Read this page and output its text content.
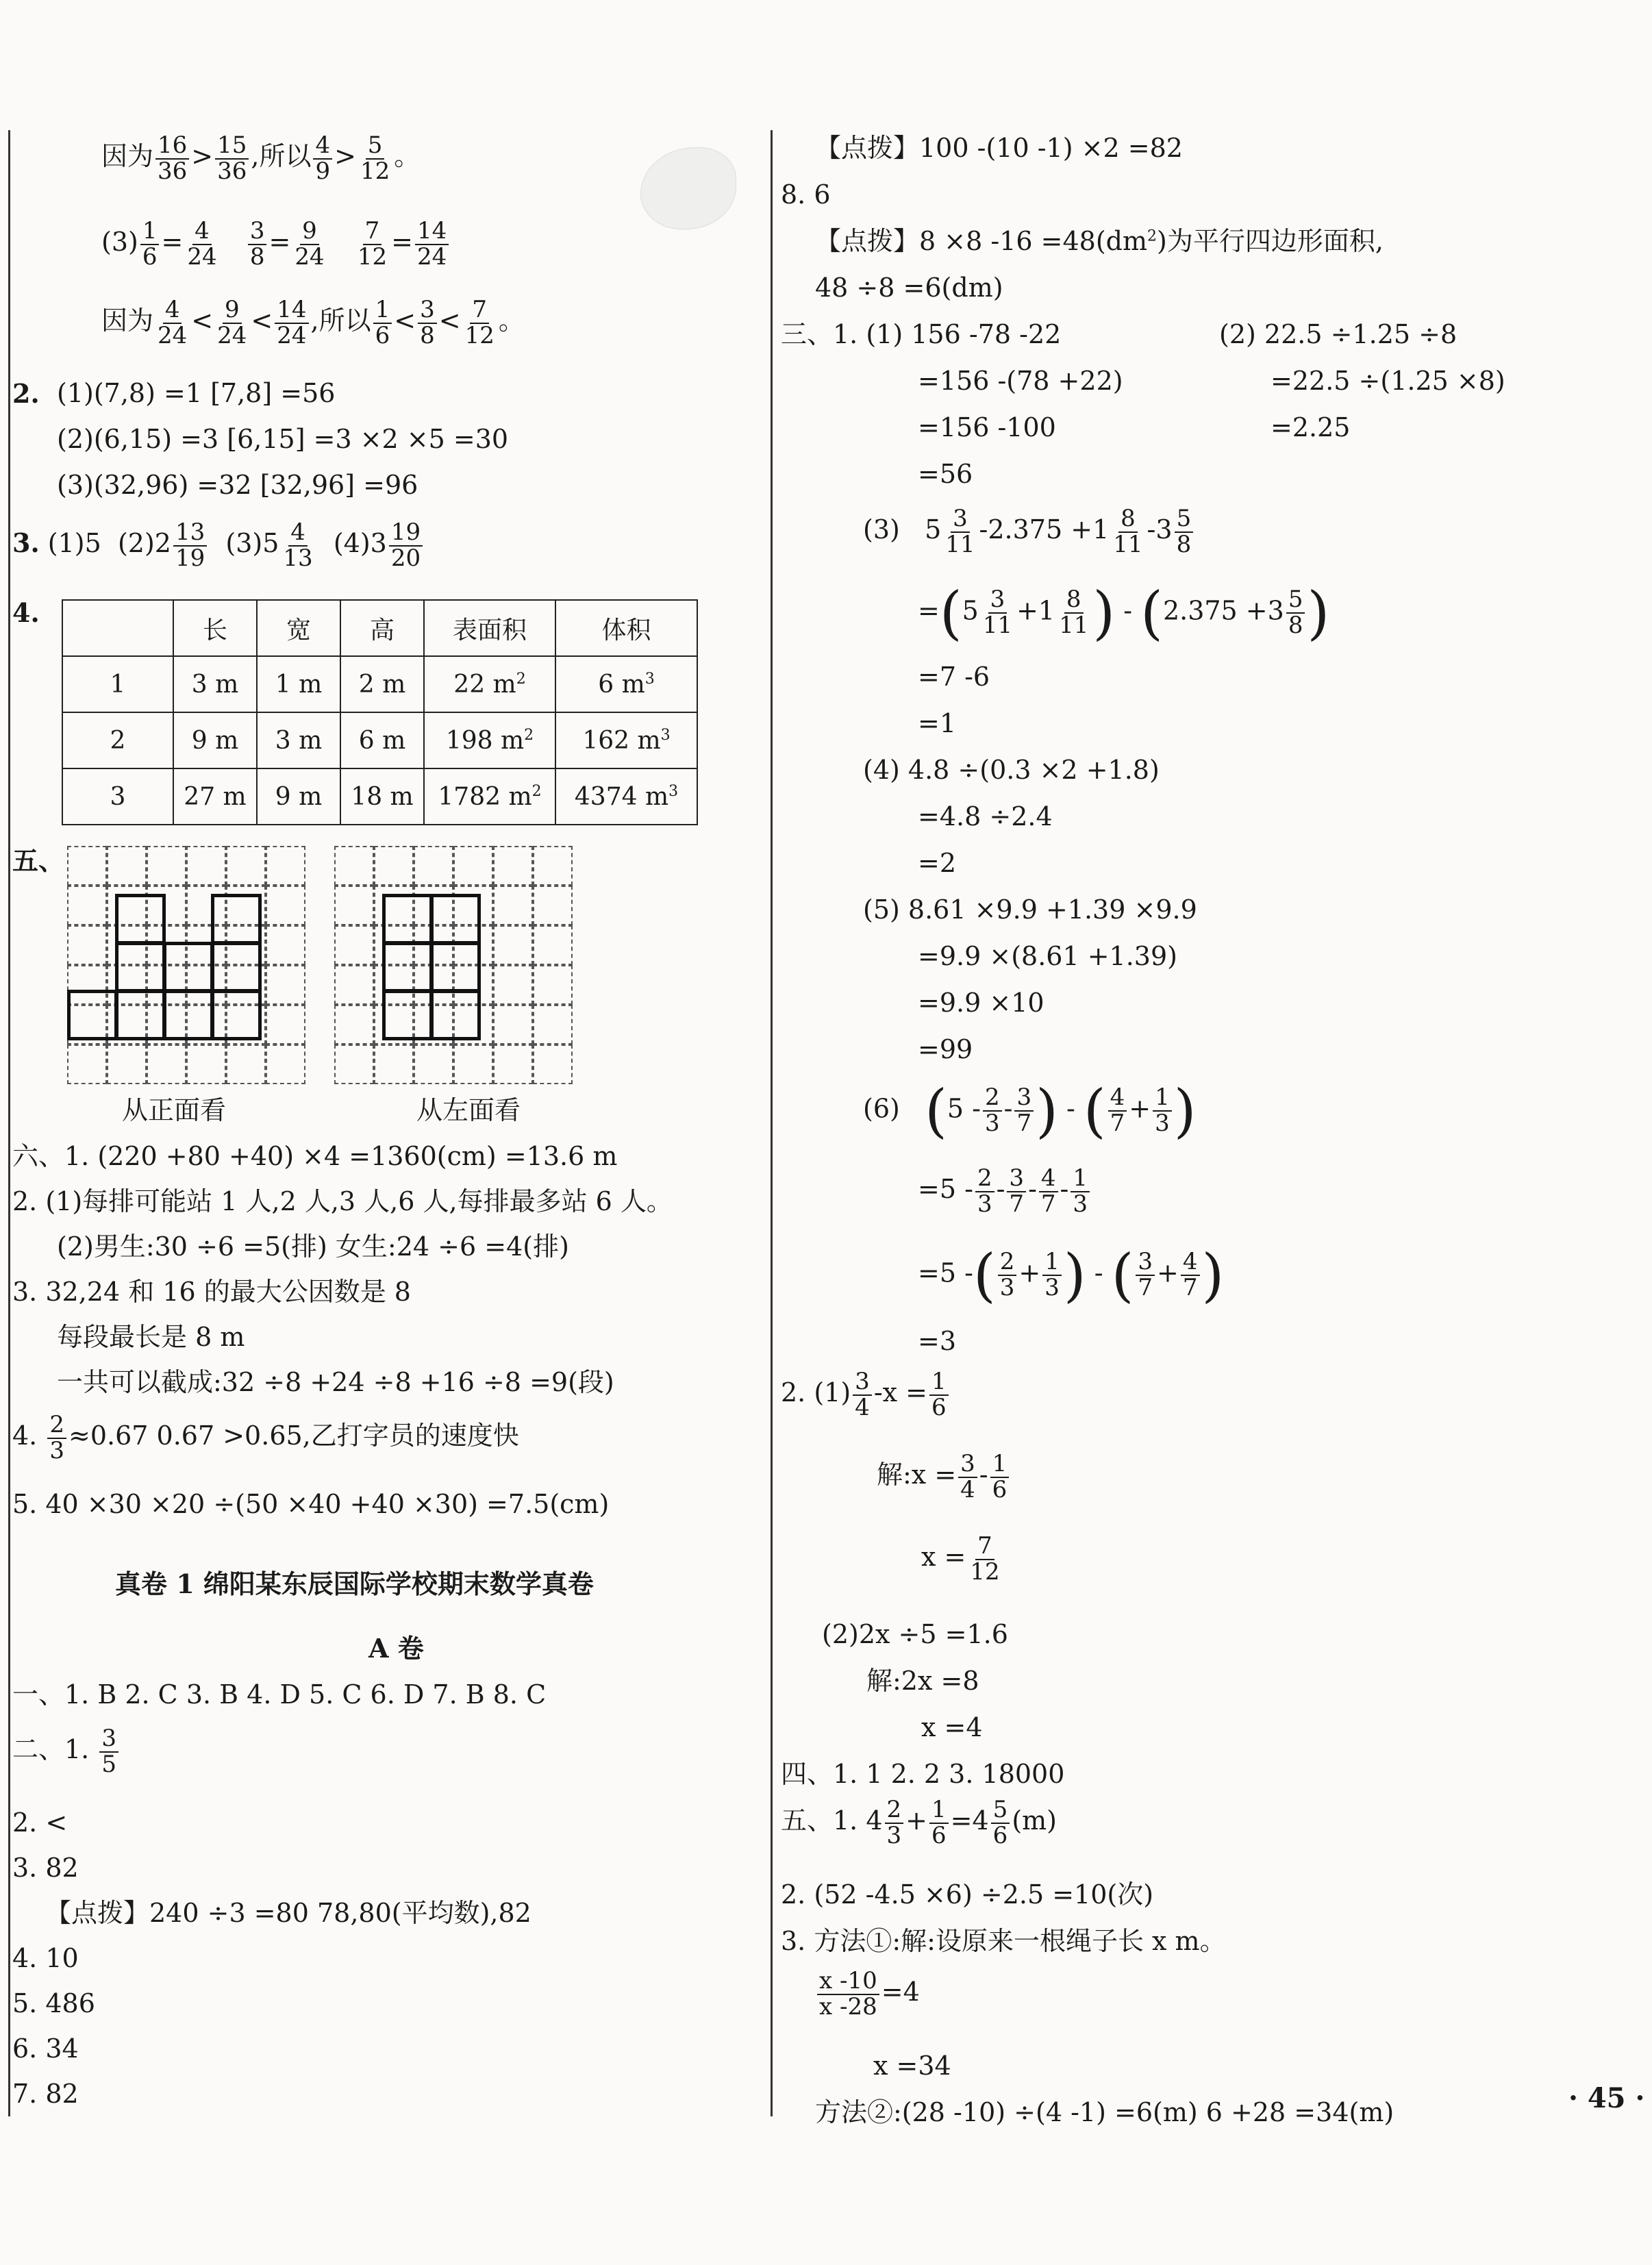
因为 $\frac{16}{36} > \frac{15}{36}$ ,所以 $\frac{4}{9} > \frac{5}{12}$ 。
$(3) \frac{1}{6} = \frac{4}{24}$
$\frac{3}{8} = \frac{9}{24}$
$\frac{7}{12} = \frac{14}{24}$
因为 $\frac{4}{24} < \frac{9}{24} < \frac{14}{24}$ ,所以 $\frac{1}{6} < \frac{3}{8} < \frac{7}{12}$ 。
2. (1)(7,8) =1 [7,8] =56
(2)(6,15) =3 [6,15] =3 ×2 ×5 =30
(3)(32,96) =32 [32,96] =96
3. (1)5 $(2)2 \frac{13}{19} (3)5 \frac{4}{13} (4)3 \frac{19}{20}$
4.
	长	宽	高	表面积	体积
1	3 m	1 m	2 m	22 $m^2$	6 $m^3$
2	9 m	3 m	6 m	198 $m^2$	162 $m^3$
3	27 m	9 m	18 m	1782 $m^2$	4374 $m^3$
五、
从正面看	从左面看
六、1. (220 +80 +40) ×4 =1360(cm) =13.6 m
2. (1)每排可能站 1 人,2 人,3 人,6 人,每排最多站 6 人。
(2)男生:30 ÷6 =5(排) 女生:24 ÷6 =4(排)
3. 32,24 和 16 的最大公因数是 8
每段最长是 8 m
一共可以截成:32 ÷8 +24 ÷8 +16 ÷8 =9(段)
4. $\frac{2}{3} \approx 0.67$ 0.67 >0.65,乙打字员的速度快
5. 40 ×30 ×20 ÷(50 ×40 +40 ×30) =7.5(cm)
真卷 1 绵阳某东辰国际学校期末数学真卷
A 卷
一、1. B 2. C 3. B 4. D 5. C 6. D 7. B 8. C
二、1. $\frac{3}{5}$
2. <
3. 82
【点拨】240 ÷3 =80 78,80(平均数),82
4. 10
5. 486
6. 34
7. 82
【点拨】100 -(10 -1) ×2 =82
8. 6
【点拨】8 ×8 $-16 =48(dm^2)$为平行四边形面积,
48 ÷8 =6(dm)
三、1. (1) 156 -78 -22
=156 -(78 +22)
=156 -100
=56
(2) 22.5 ÷1.25 ÷8
=22.5 ÷(1.25 ×8)
=2.25
(3) $5 \frac{3}{11} -2.375 +1 \frac{8}{11} -3 \frac{5}{8}$
$=(5 \frac{3}{11} +1 \frac{8}{11}$ ) - ($2.375 +3 \frac{5}{8}$ )
=7 -6
=1
(4) 4.8 ÷(0.3 ×2 +1.8)
=4.8 ÷2.4
=2
(5) 8.61 ×9.9 +1.39 ×9.9
=9.9 ×(8.61 +1.39)
=9.9 ×10
=99
(6) ($5 - \frac{2}{3} - \frac{3}{7}$ ) - ( $\frac{4}{7} + \frac{1}{3}$ )
$=5 - \frac{2}{3} - \frac{3}{7} - \frac{4}{7} - \frac{1}{3}$
=5 -( $\frac{2}{3} + \frac{1}{3}$ ) - ( $\frac{3}{7} + \frac{4}{7}$ )
=3
2. $(1) \frac{3}{4} -x = \frac{1}{6}$
解:x = $\frac{3}{4} - \frac{1}{6}$
$x = \frac{7}{12}$
(2)2x ÷5 =1.6
解:2x =8
x =4
四、1. 1 2. 2 3. 18000
五、1. $4 \frac{2}{3} + \frac{1}{6} =4 \frac{5}{6} (m)$
2. (52 -4.5 ×6) ÷2.5 =10(次)
3. 方法①:解:设原来一根绳子长 x m。
$\frac{x -10}{x -28} =4$
x =34
方法②:(28 -10) ÷(4 -1) =6(m) 6 +28 =34(m)	· 45 ·
